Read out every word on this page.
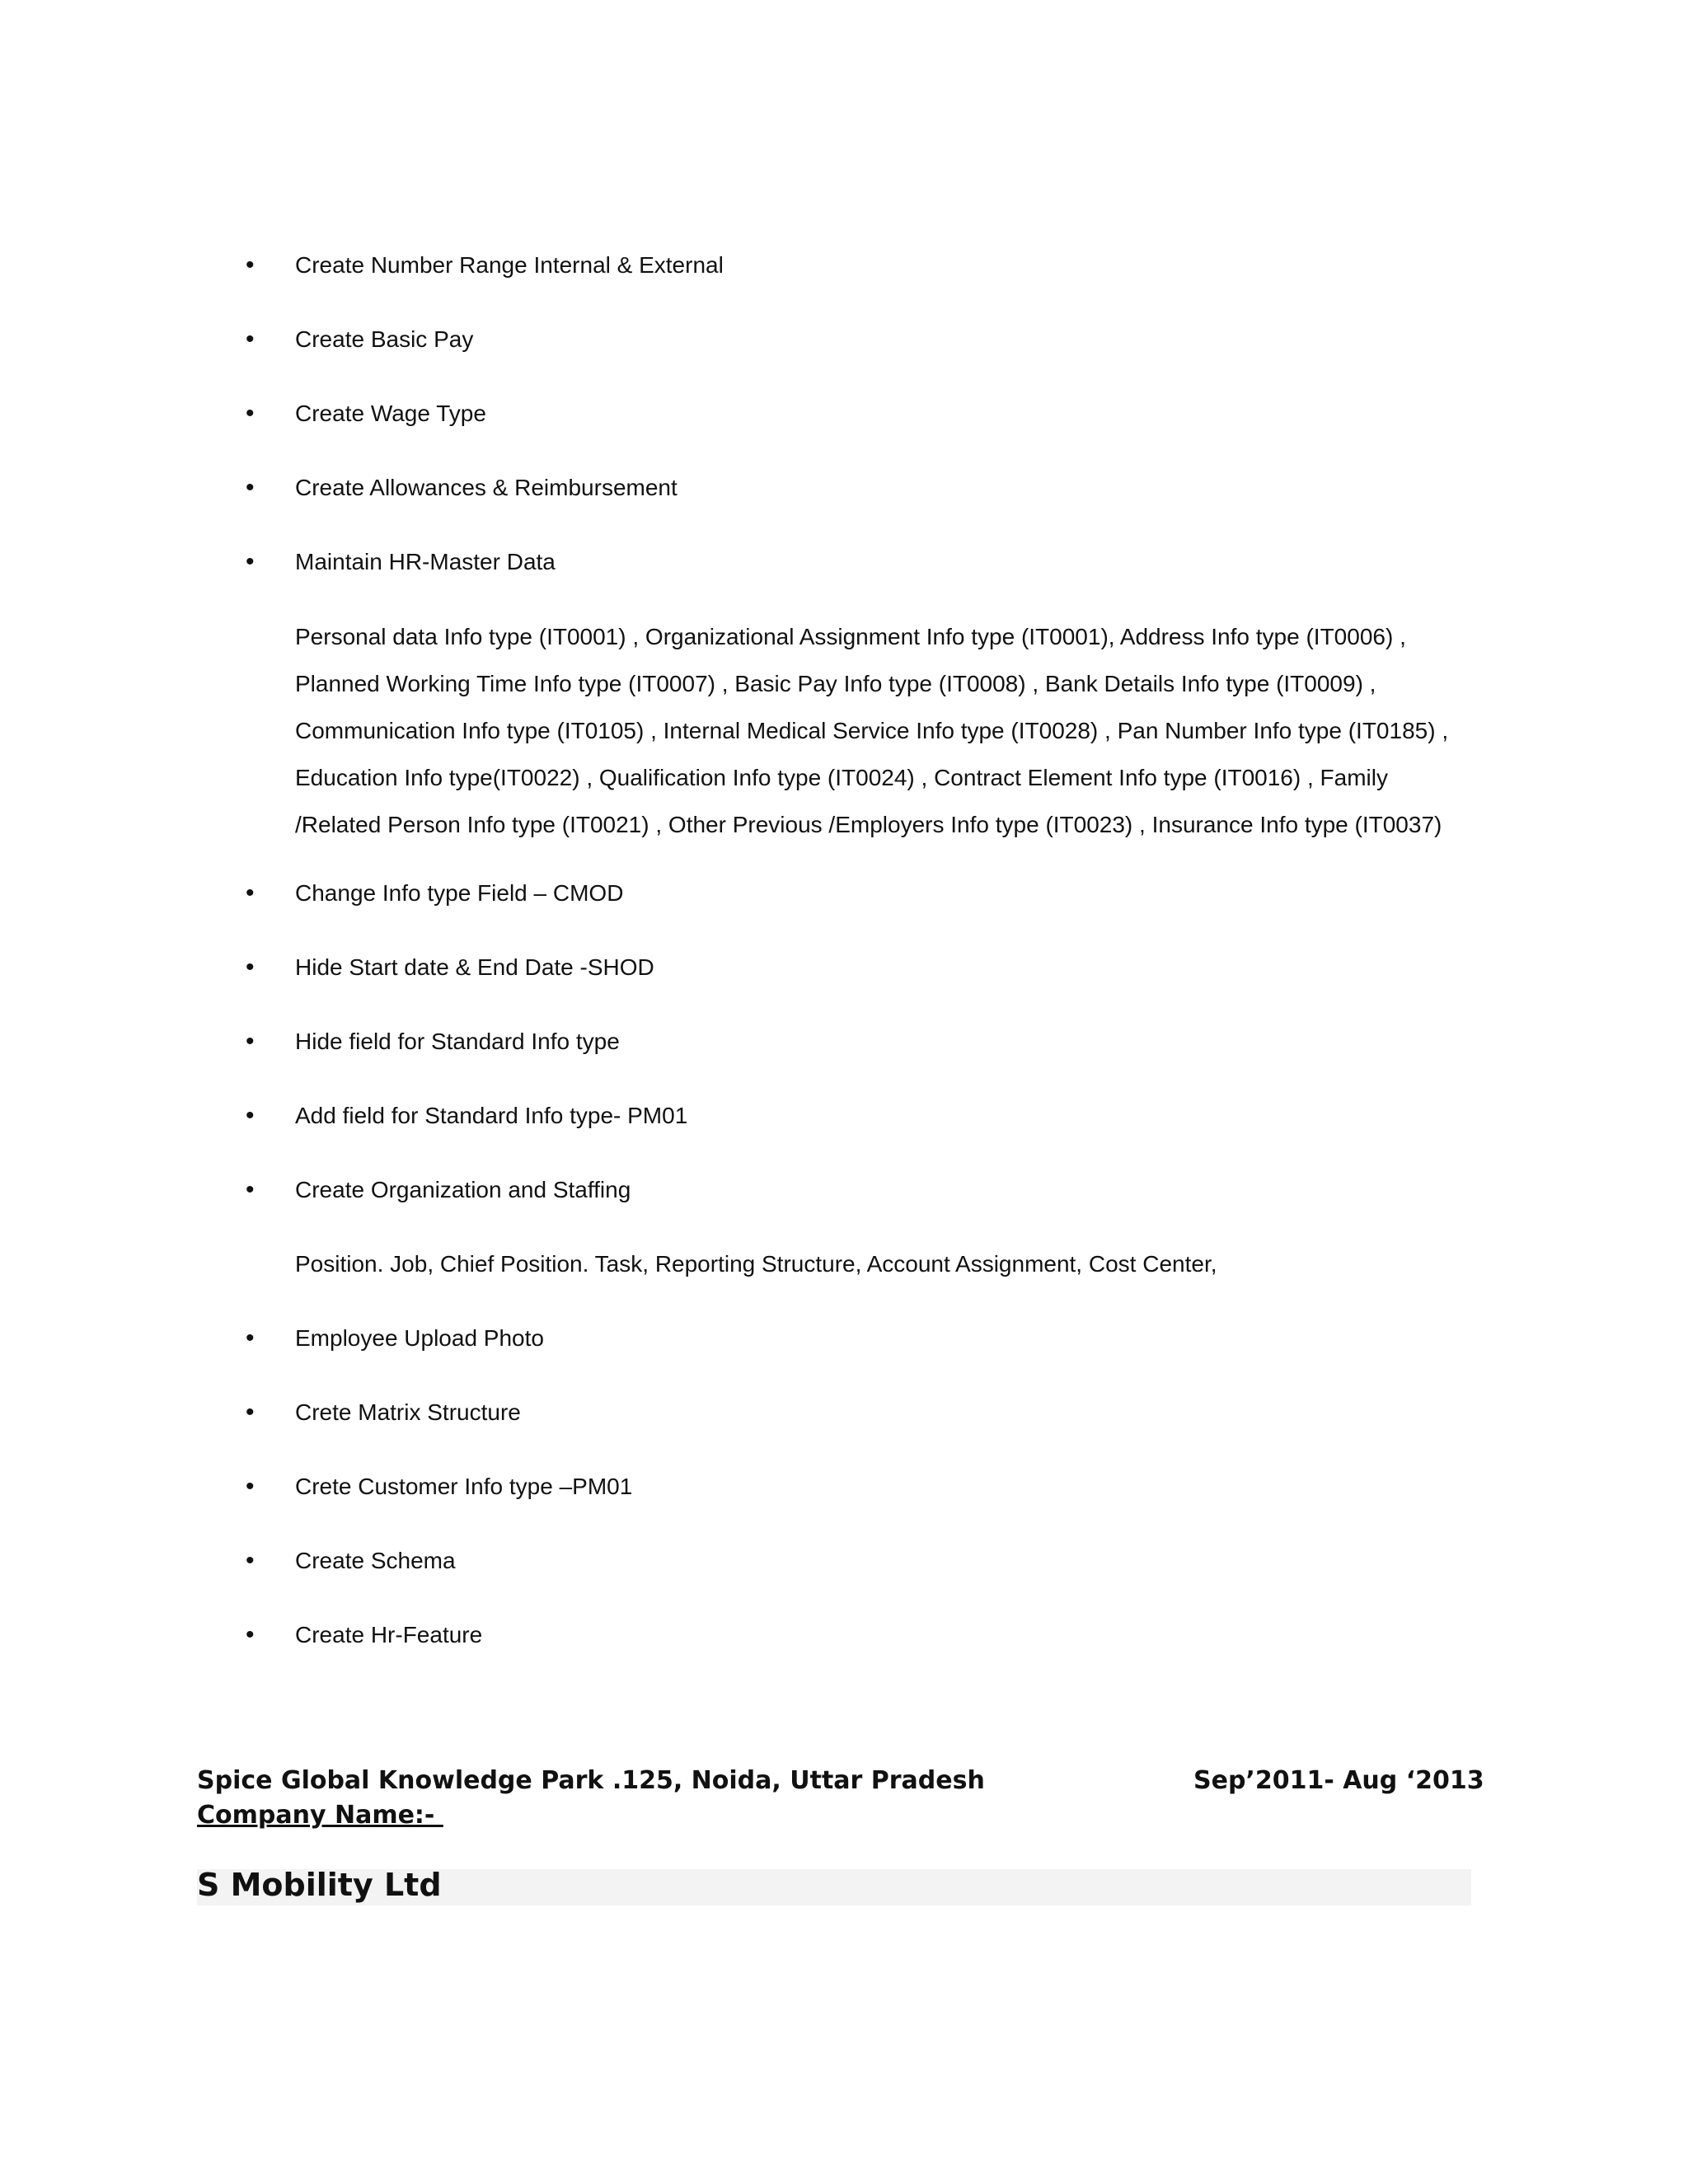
•	Create Number Range Internal & External
•	Create Basic Pay
•	Create Wage Type
•	Create Allowances & Reimbursement
•	Maintain HR-Master Data
Personal data Info type (IT0001) , Organizational Assignment Info type (IT0001), Address Info type (IT0006) ,
Planned Working Time Info type (IT0007) , Basic Pay Info type (IT0008) , Bank Details Info type (IT0009) ,
Communication Info type (IT0105) , Internal Medical Service Info type (IT0028) , Pan Number Info type (IT0185) ,
Education Info type(IT0022) , Qualification Info type (IT0024) , Contract Element Info type (IT0016) , Family
/Related Person Info type (IT0021) , Other Previous /Employers Info type (IT0023) , Insurance Info type (IT0037)
•	Change Info type Field – CMOD
•	Hide Start date & End Date -SHOD
•	Hide field for Standard Info type
•	Add field for Standard Info type- PM01
•	Create Organization and Staffing
Position. Job, Chief Position. Task, Reporting Structure, Account Assignment, Cost Center,
•	Employee Upload Photo
•	Crete Matrix Structure
•	Crete Customer Info type –PM01
•	Create Schema
•	Create Hr-Feature
Spice Global Knowledge Park .125, Noida, Uttar Pradesh	Sep’2011- Aug ‘2013
Company Name:-
S Mobility Ltd
